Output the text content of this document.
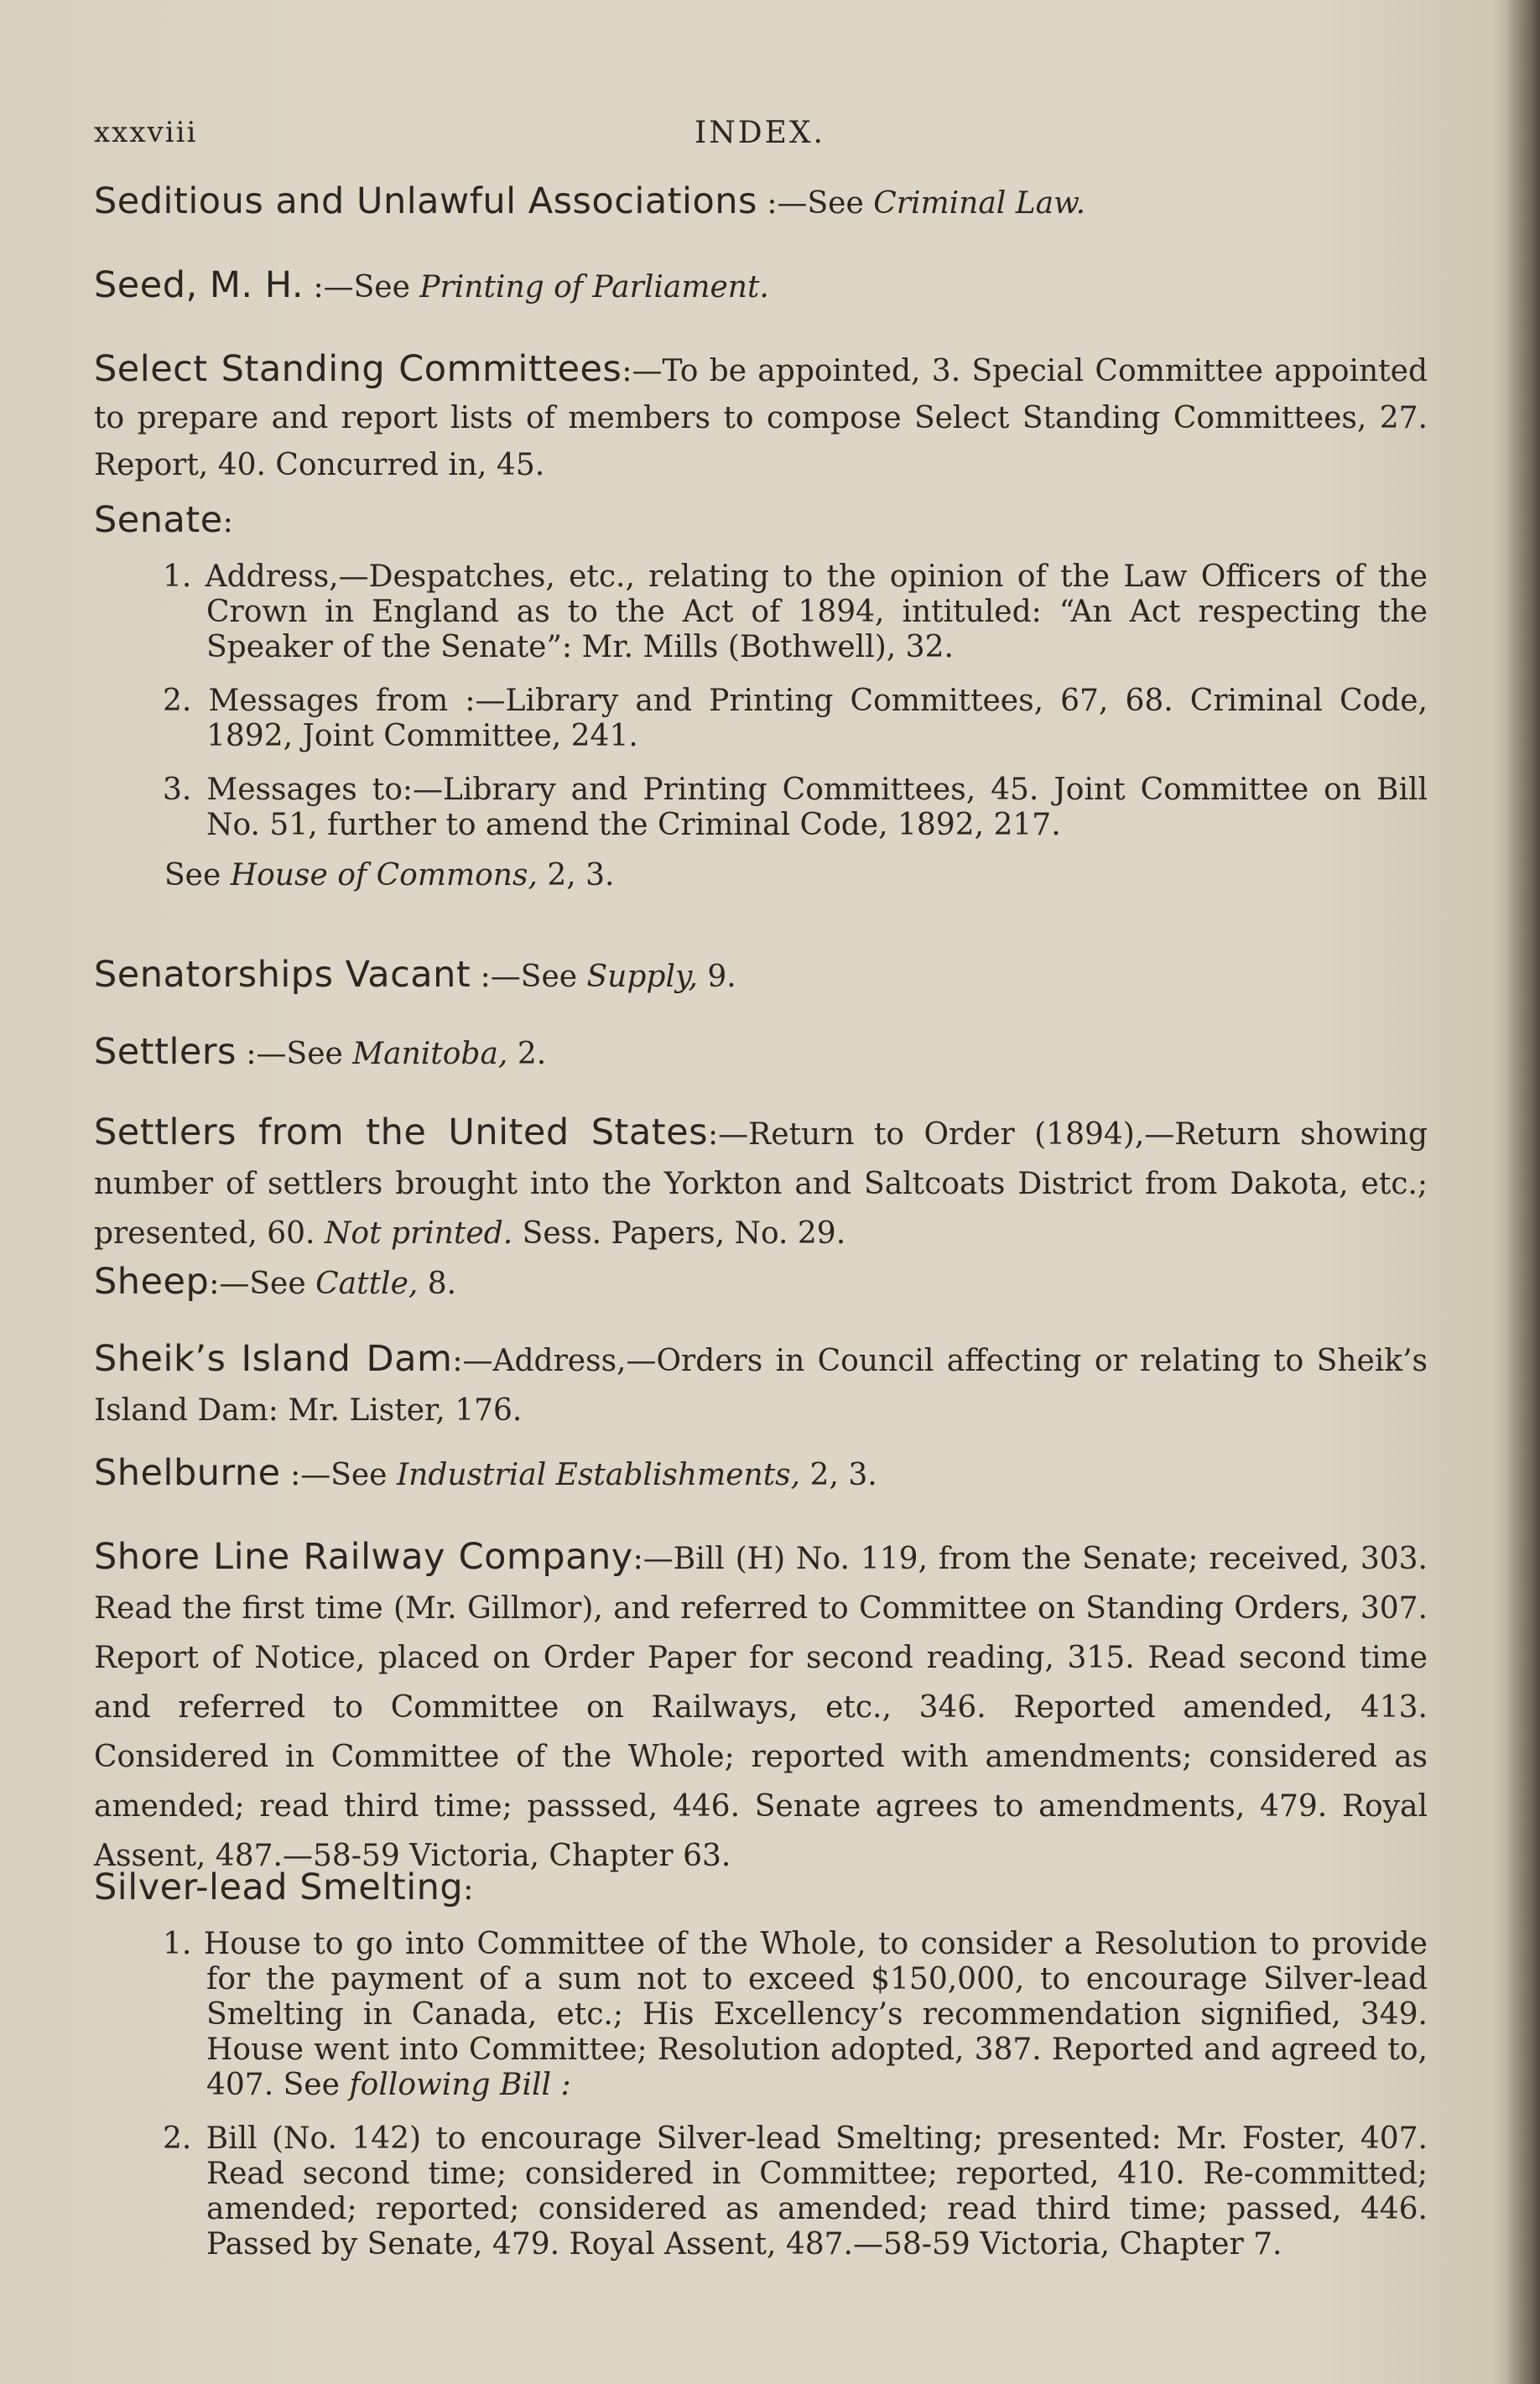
xxxviii	INDEX.
Seditious and Unlawful Associations :—See Criminal Law.
Seed, M. H. :—See Printing of Parliament.
Select Standing Committees:—To be appointed, 3. Special Committee appointed to prepare and report lists of members to compose Select Standing Committees, 27. Report, 40. Concurred in, 45.
Senate:
1. Address,—Despatches, etc., relating to the opinion of the Law Officers of the Crown in England as to the Act of 1894, intituled: “An Act respecting the Speaker of the Senate”: Mr. Mills (Bothwell), 32.
2. Messages from :—Library and Printing Committees, 67, 68. Criminal Code, 1892, Joint Committee, 241.
3. Messages to:—Library and Printing Committees, 45. Joint Committee on Bill No. 51, further to amend the Criminal Code, 1892, 217.
See House of Commons, 2, 3.
Senatorships Vacant :—See Supply, 9.
Settlers :—See Manitoba, 2.
Settlers from the United States:—Return to Order (1894),—Return showing number of settlers brought into the Yorkton and Saltcoats District from Dakota, etc.; presented, 60. Not printed. Sess. Papers, No. 29.
Sheep:—See Cattle, 8.
Sheik’s Island Dam:—Address,—Orders in Council affecting or relating to Sheik’s Island Dam: Mr. Lister, 176.
Shelburne :—See Industrial Establishments, 2, 3.
Shore Line Railway Company:—Bill (H) No. 119, from the Senate; received, 303. Read the first time (Mr. Gillmor), and referred to Committee on Standing Orders, 307. Report of Notice, placed on Order Paper for second reading, 315. Read second time and referred to Committee on Railways, etc., 346. Reported amended, 413. Considered in Committee of the Whole; reported with amendments; considered as amended; read third time; passsed, 446. Senate agrees to amendments, 479. Royal Assent, 487.—58-59 Victoria, Chapter 63.
Silver-lead Smelting:
1. House to go into Committee of the Whole, to consider a Resolution to provide for the payment of a sum not to exceed $150,000, to encourage Silver-lead Smelting in Canada, etc.; His Excellency’s recommendation signified, 349. House went into Committee; Resolution adopted, 387. Reported and agreed to, 407. See following Bill :
2. Bill (No. 142) to encourage Silver-lead Smelting; presented: Mr. Foster, 407. Read second time; considered in Committee; reported, 410. Re-committed; amended; reported; considered as amended; read third time; passed, 446. Passed by Senate, 479. Royal Assent, 487.—58-59 Victoria, Chapter 7.
